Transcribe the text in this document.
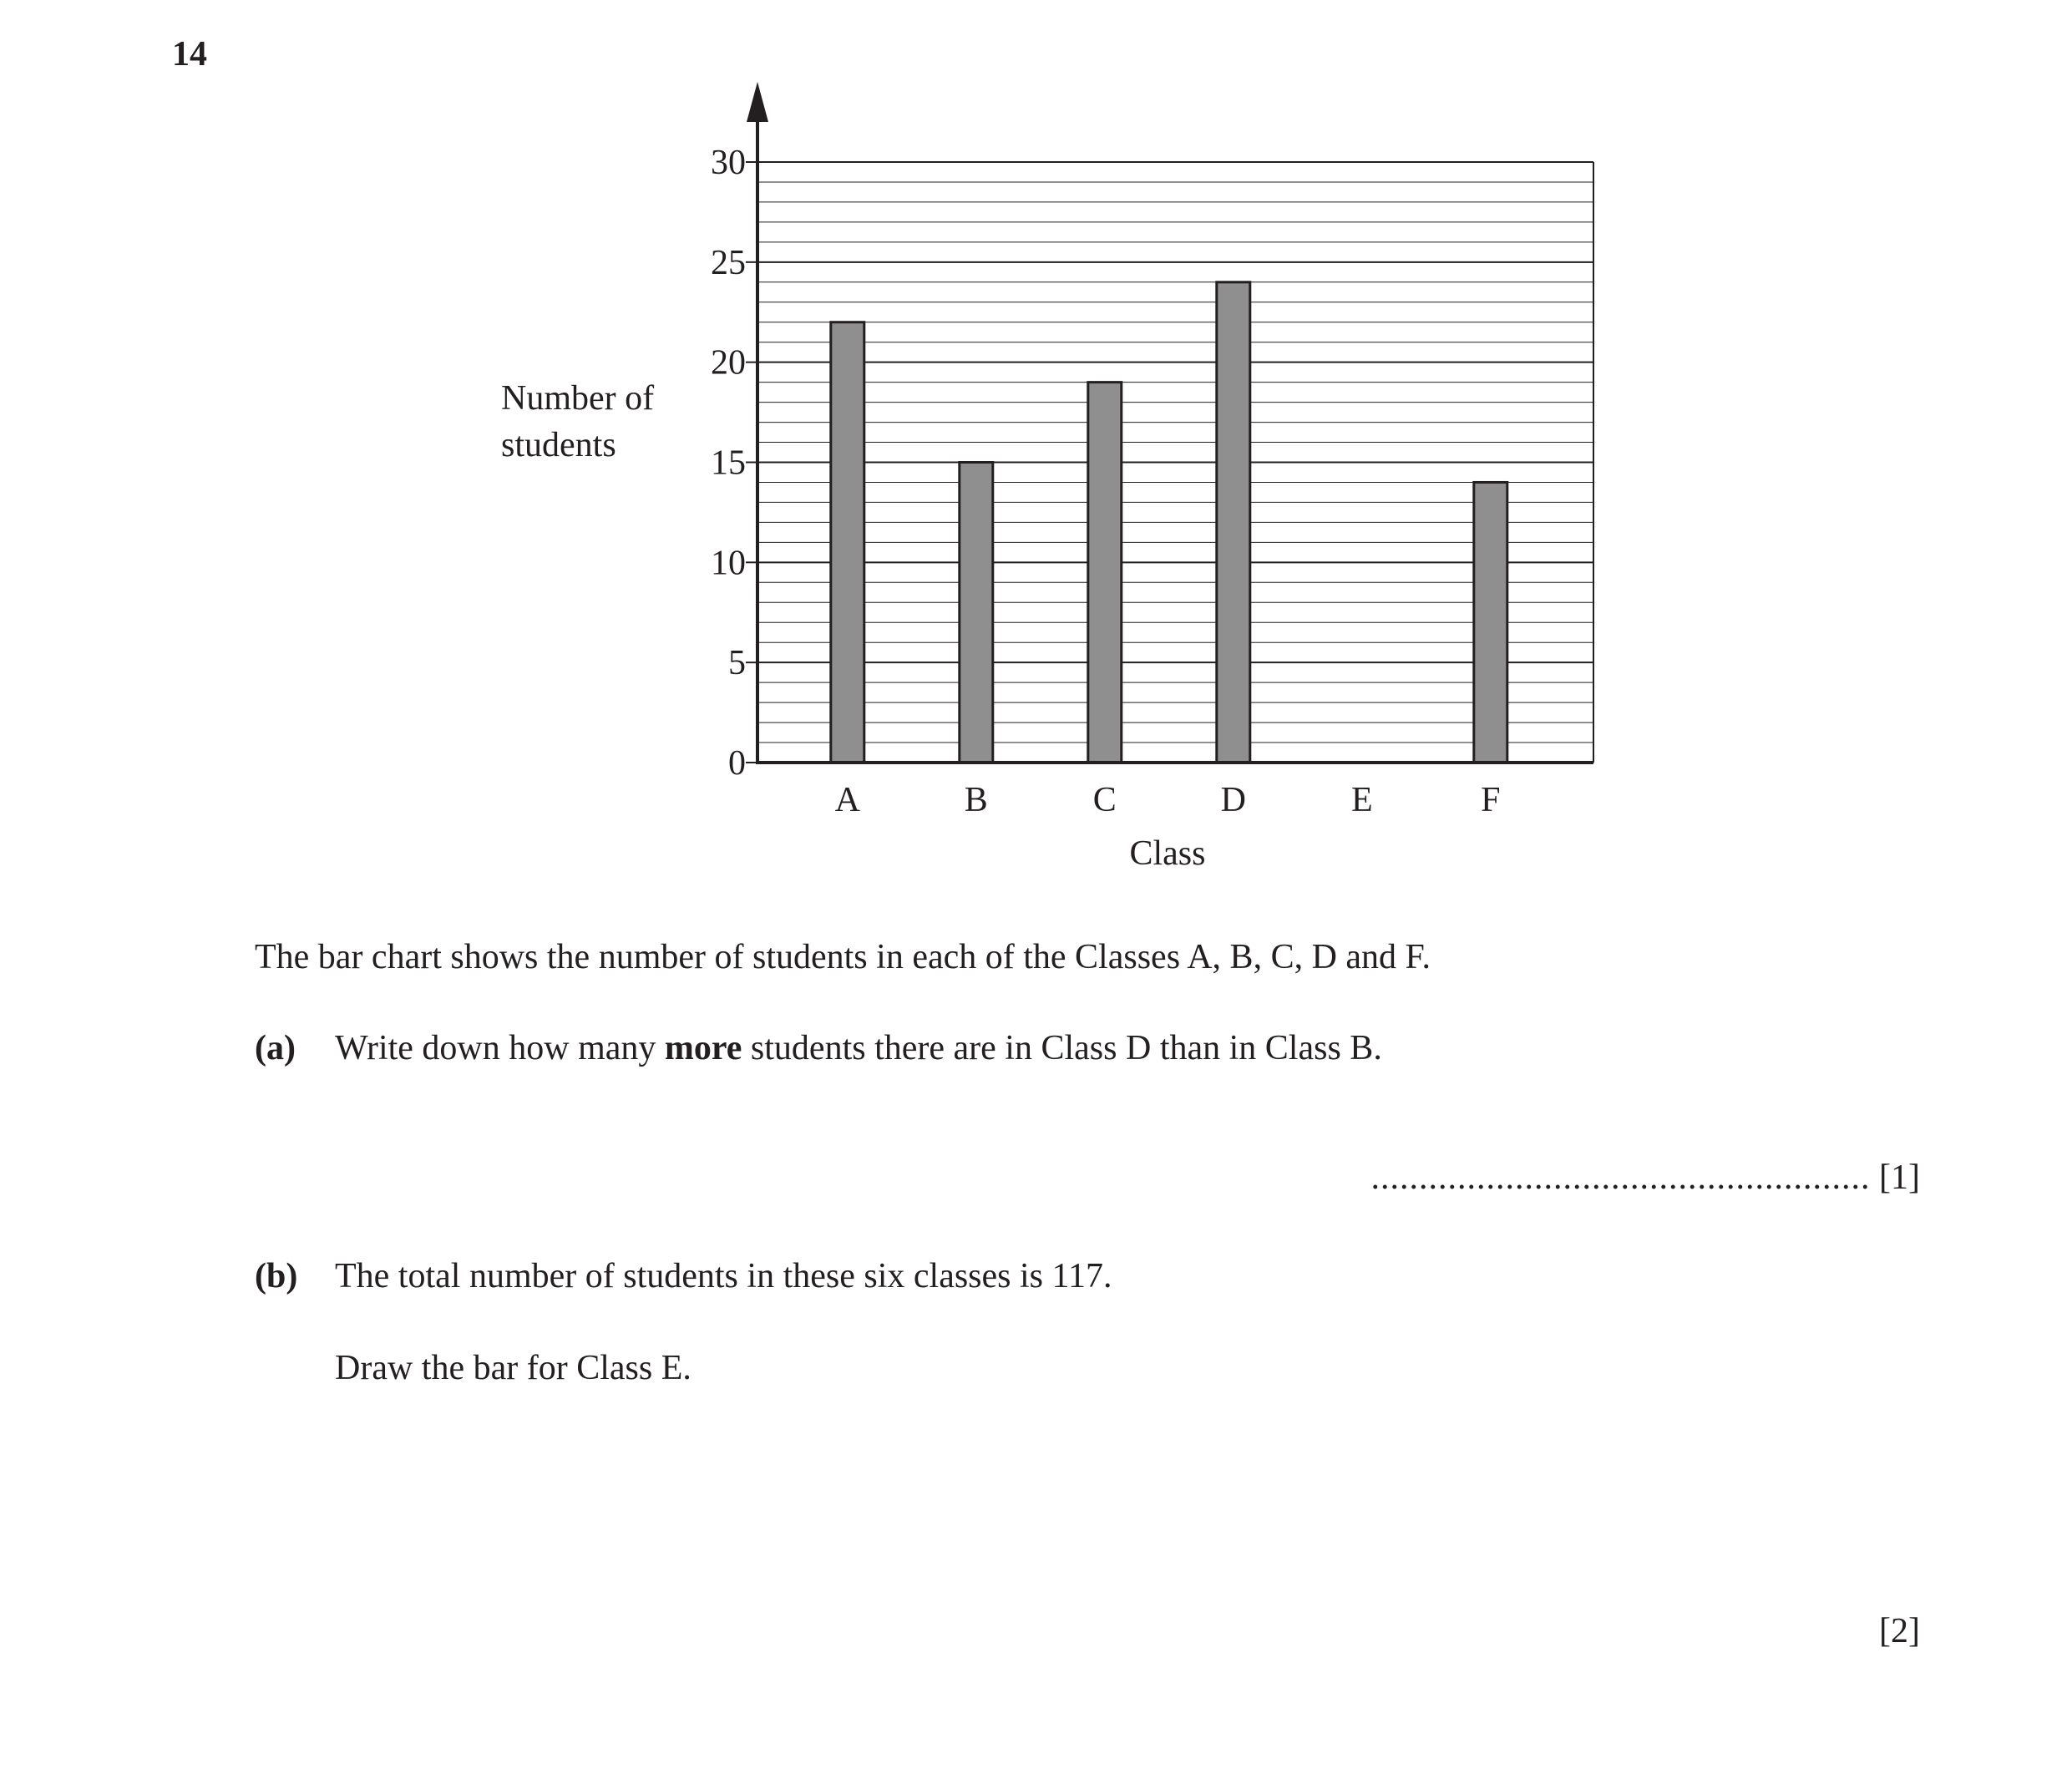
14
0
5
10
15
20
25
30
A	B	C	D	E	F
Number of
students
Class
The bar chart shows the number of students in each of the Classes A, B, C, D and F.
(a) Write down how many more students there are in Class D than in Class B.
.................................................... [1]
(b) The total number of students in these six classes is 117.
Draw the bar for Class E.
[2]
